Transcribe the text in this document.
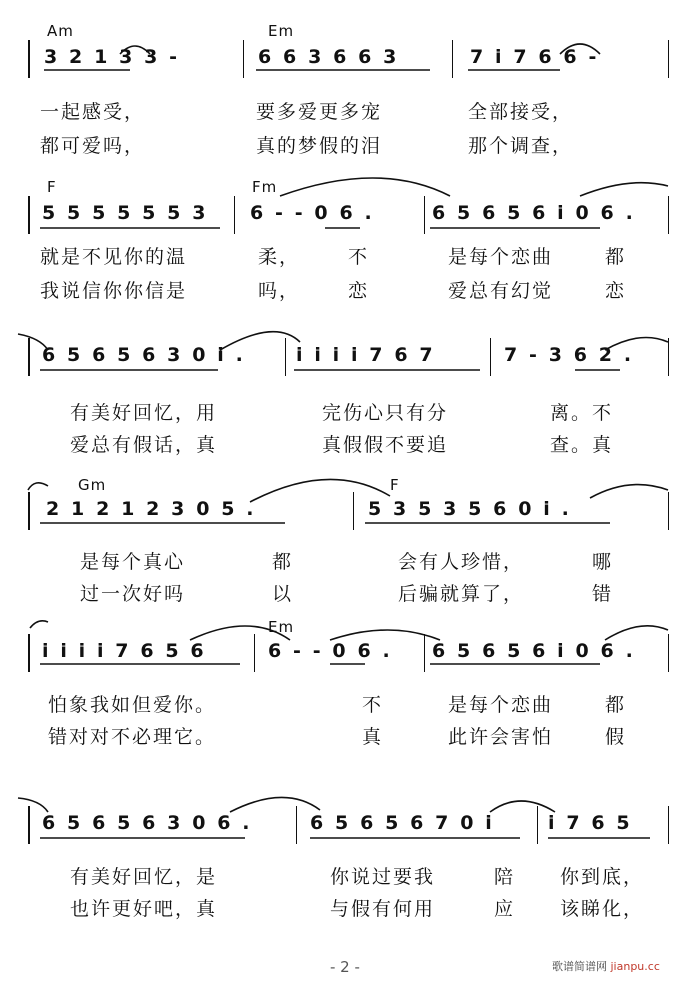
Am	Em
3 2 1 3 3 -	6 6 3 6 6 3	7 i 7 6 6 -
一起感受，	要多爱更多宠	全部接受，
都可爱吗，	真的梦假的泪	那个调查，
F	Fm
5 5 5 5 5 5 3 6 - - 0 6 .	6 5 6 5 6 i 0 6 .
就是不见你的温	柔，	不	是每个恋曲	都
我说信你你信是	吗，	恋	爱总有幻觉	恋
6 5 6 5 6 3 0 i .	i i i i 7 6 7	7 - 3 6 2 .
有美好回忆，用	完伤心只有分	离。不
爱总有假话，真	真假假不要追	查。真
Gm	F
2 1 2 1 2 3 0 5 .	5 3 5 3 5 6 0 i .
是每个真心	都	会有人珍惜，	哪
过一次好吗	以	后骗就算了，	错
Em
i i i i 7 6 5 6	6 - - 0 6 . 6 5 6 5 6 i 0 6 .
怕象我如但爱你。	不	是每个恋曲	都
错对对不必理它。	真	此许会害怕	假
6 5 6 5 6 3 0 6 .	6 5 6 5 6 7 0 i	i 7 6 5
有美好回忆，是	你说过要我	陪 你到底，
也许更好吧，真	与假有何用	应 该睇化，
- 2 -	歌谱简谱网 jianpu.cc
